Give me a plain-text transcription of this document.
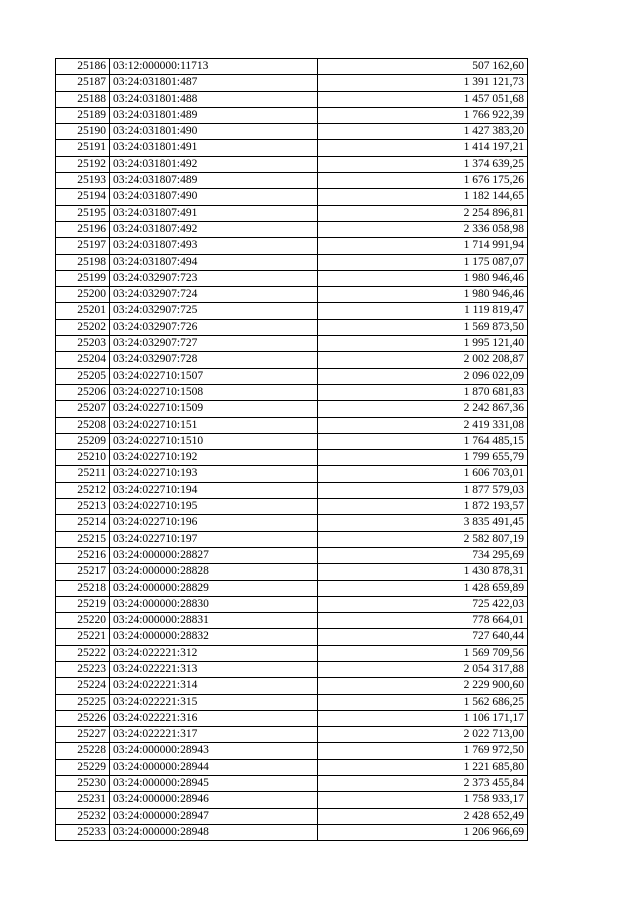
25186	03:12:000000:11713	507 162,60
25187	03:24:031801:487	1 391 121,73
25188	03:24:031801:488	1 457 051,68
25189	03:24:031801:489	1 766 922,39
25190	03:24:031801:490	1 427 383,20
25191	03:24:031801:491	1 414 197,21
25192	03:24:031801:492	1 374 639,25
25193	03:24:031807:489	1 676 175,26
25194	03:24:031807:490	1 182 144,65
25195	03:24:031807:491	2 254 896,81
25196	03:24:031807:492	2 336 058,98
25197	03:24:031807:493	1 714 991,94
25198	03:24:031807:494	1 175 087,07
25199	03:24:032907:723	1 980 946,46
25200	03:24:032907:724	1 980 946,46
25201	03:24:032907:725	1 119 819,47
25202	03:24:032907:726	1 569 873,50
25203	03:24:032907:727	1 995 121,40
25204	03:24:032907:728	2 002 208,87
25205	03:24:022710:1507	2 096 022,09
25206	03:24:022710:1508	1 870 681,83
25207	03:24:022710:1509	2 242 867,36
25208	03:24:022710:151	2 419 331,08
25209	03:24:022710:1510	1 764 485,15
25210	03:24:022710:192	1 799 655,79
25211	03:24:022710:193	1 606 703,01
25212	03:24:022710:194	1 877 579,03
25213	03:24:022710:195	1 872 193,57
25214	03:24:022710:196	3 835 491,45
25215	03:24:022710:197	2 582 807,19
25216	03:24:000000:28827	734 295,69
25217	03:24:000000:28828	1 430 878,31
25218	03:24:000000:28829	1 428 659,89
25219	03:24:000000:28830	725 422,03
25220	03:24:000000:28831	778 664,01
25221	03:24:000000:28832	727 640,44
25222	03:24:022221:312	1 569 709,56
25223	03:24:022221:313	2 054 317,88
25224	03:24:022221:314	2 229 900,60
25225	03:24:022221:315	1 562 686,25
25226	03:24:022221:316	1 106 171,17
25227	03:24:022221:317	2 022 713,00
25228	03:24:000000:28943	1 769 972,50
25229	03:24:000000:28944	1 221 685,80
25230	03:24:000000:28945	2 373 455,84
25231	03:24:000000:28946	1 758 933,17
25232	03:24:000000:28947	2 428 652,49
25233	03:24:000000:28948	1 206 966,69
